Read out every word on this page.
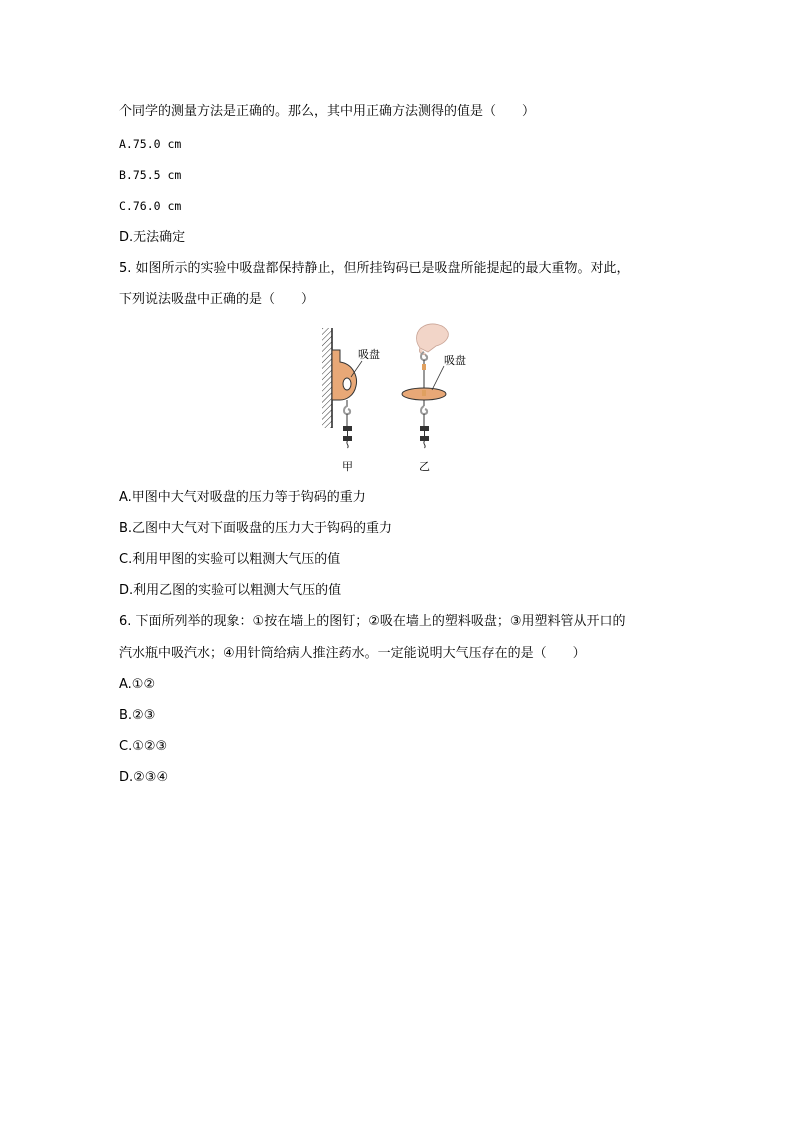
个同学的测量方法是正确的。那么，其中用正确方法测得的值是（　　）
A.75.0 cm
B.75.5 cm
C.76.0 cm
D.无法确定
5. 如图所示的实验中吸盘都保持静止，但所挂钩码已是吸盘所能提起的最大重物。对此，
下列说法吸盘中正确的是（　　）
吸盘
甲
吸盘
乙
A.甲图中大气对吸盘的压力等于钩码的重力
B.乙图中大气对下面吸盘的压力大于钩码的重力
C.利用甲图的实验可以粗测大气压的值
D.利用乙图的实验可以粗测大气压的值
6. 下面所列举的现象：①按在墙上的图钉；②吸在墙上的塑料吸盘；③用塑料管从开口的
汽水瓶中吸汽水；④用针筒给病人推注药水。一定能说明大气压存在的是（　　）
A.①②
B.②③
C.①②③
D.②③④
